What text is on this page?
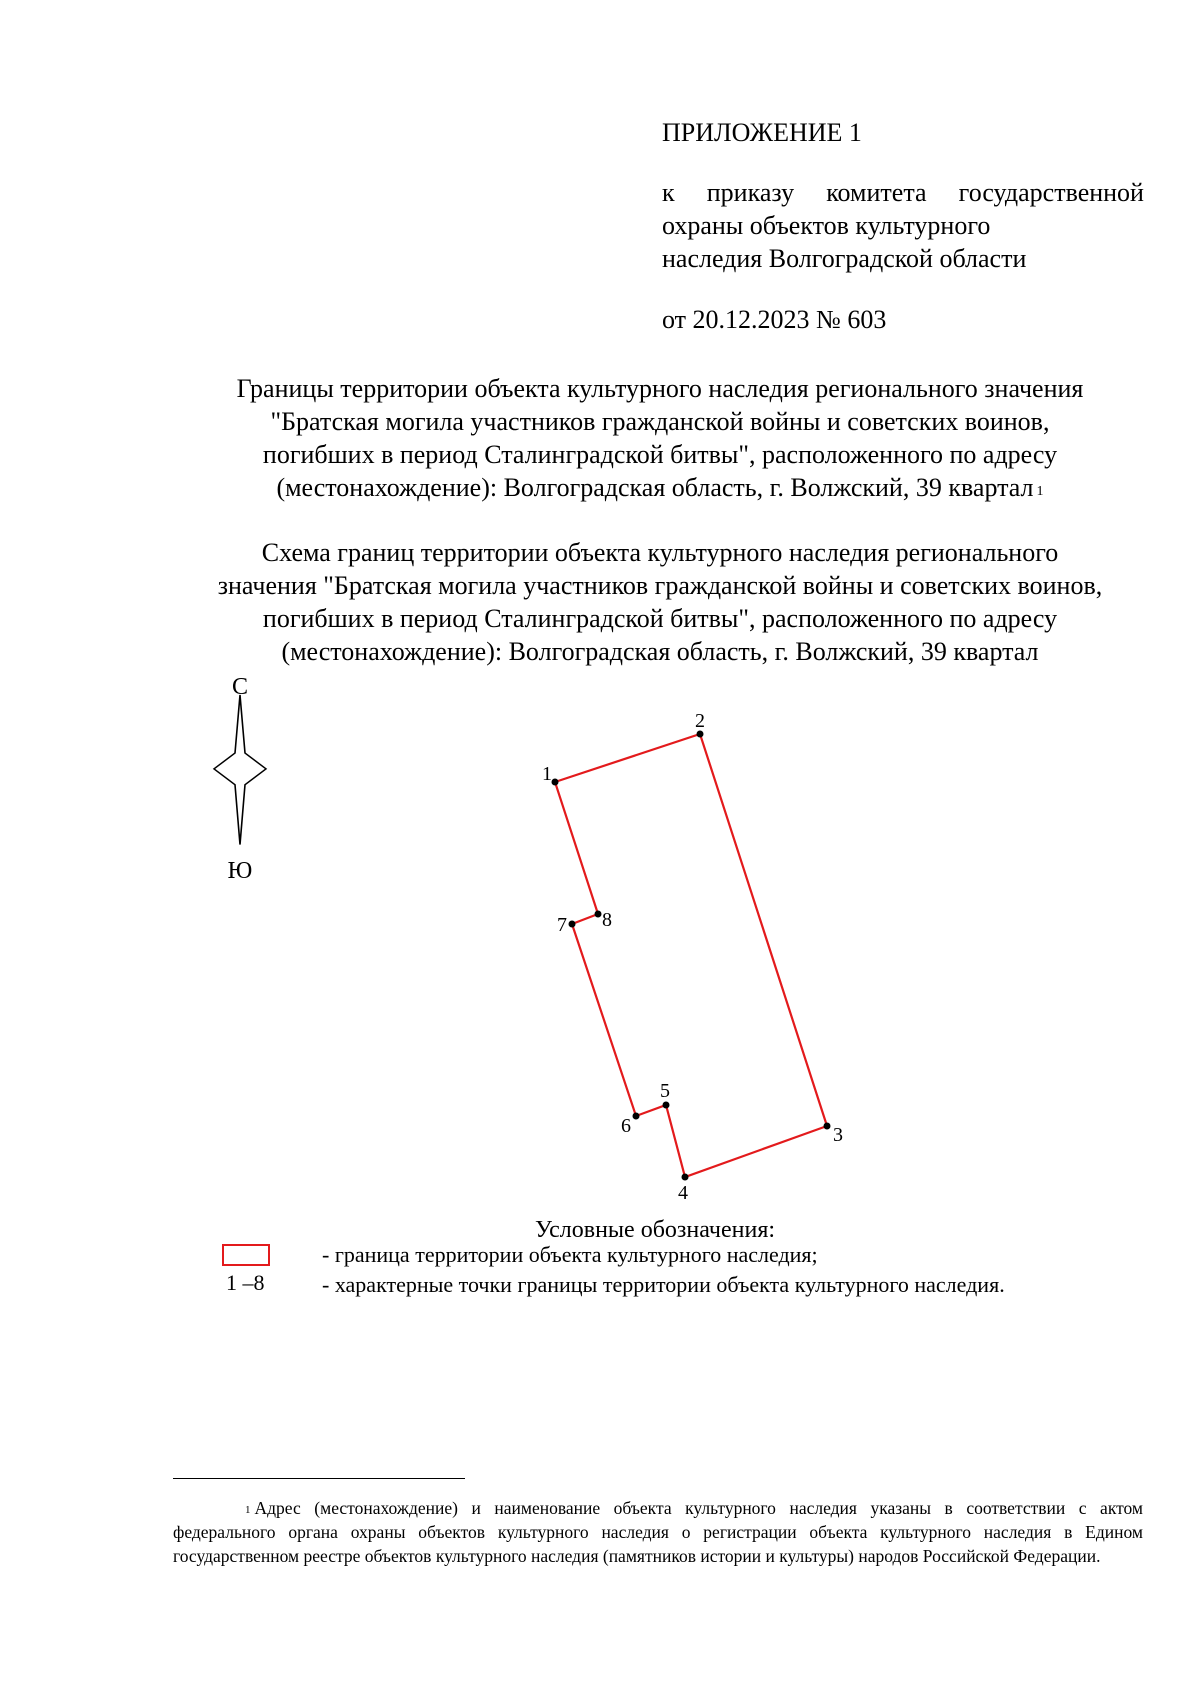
ПРИЛОЖЕНИЕ 1
к приказу комитета государственной
охраны объектов культурного
наследия Волгоградской области
от 20.12.2023 № 603
Границы территории объекта культурного наследия регионального значения
"Братская могила участников гражданской войны и советских воинов,
погибших в период Сталинградской битвы", расположенного по адресу
(местонахождение): Волгоградская область, г. Волжский, 39 квартал $^1$
Схема границ территории объекта культурного наследия регионального
значения "Братская могила участников гражданской войны и советских воинов,
погибших в период Сталинградской битвы", расположенного по адресу
(местонахождение): Волгоградская область, г. Волжский, 39 квартал
С
Ю
1
2
3
4
5
6
7 8
Условные обозначения:
1 –8
- граница территории объекта культурного наследия;
- характерные точки границы территории объекта культурного наследия.
$^1$ Адрес (местонахождение) и наименование объекта культурного наследия указаны в соответствии с актом федерального органа охраны объектов культурного наследия о регистрации объекта культурного наследия в Едином государственном реестре объектов культурного наследия (памятников истории и культуры) народов Российской Федерации.
